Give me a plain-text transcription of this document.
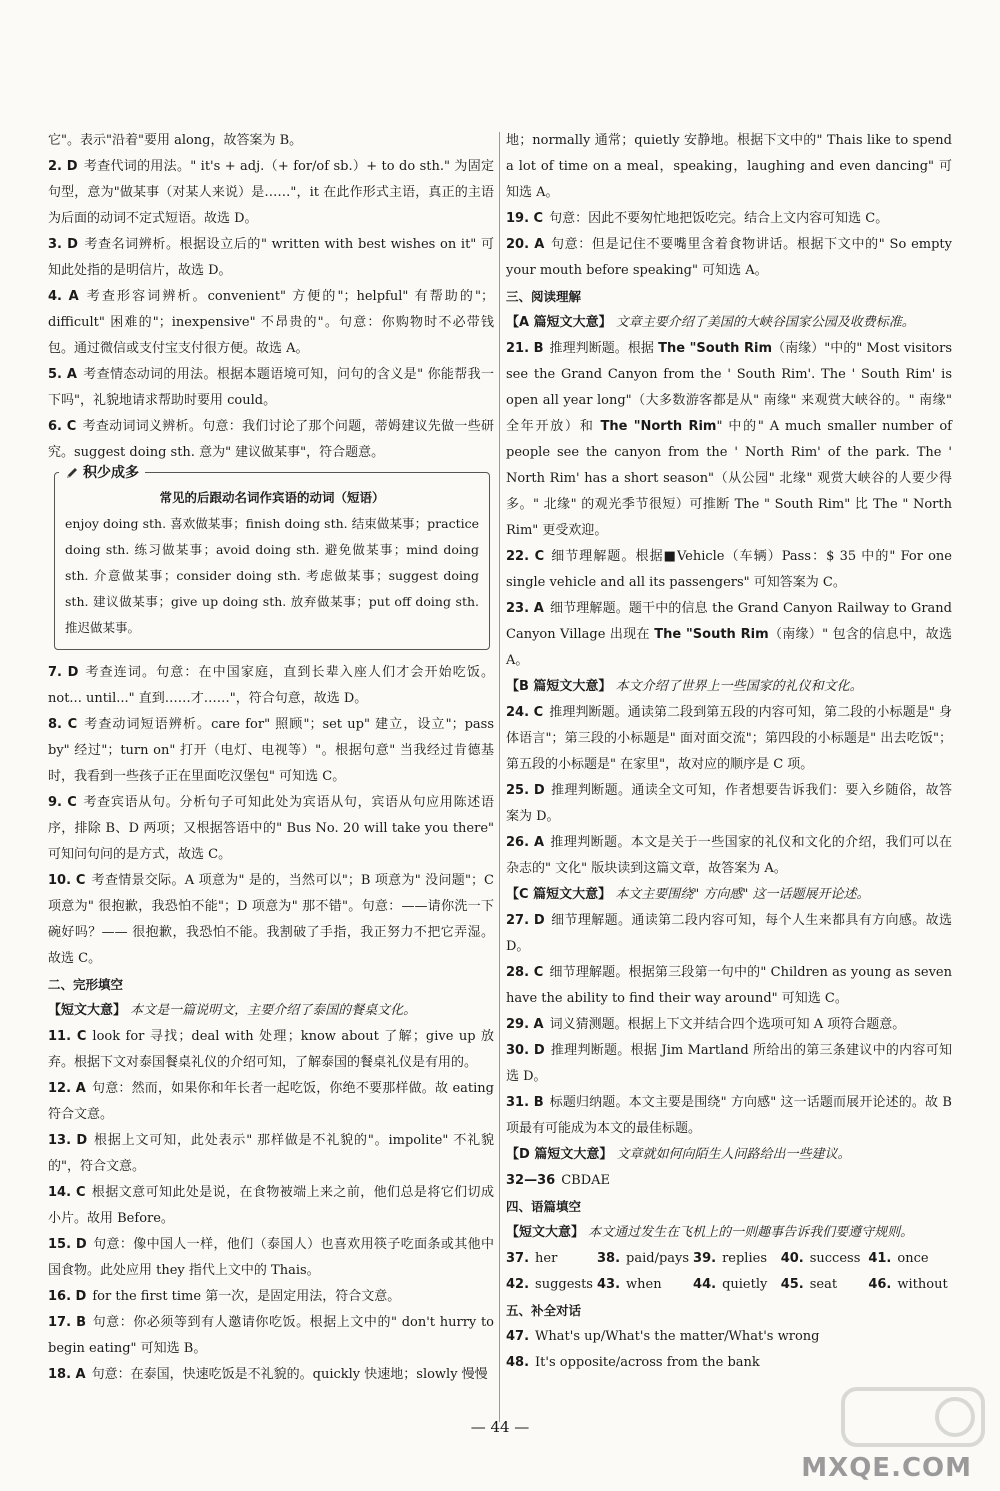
它"。表示"沿着"要用 along，故答案为 B。

2. D 考查代词的用法。" it's + adj.（+ for/of sb.）+ to do sth." 为固定句型，意为"做某事（对某人来说）是……"，it 在此作形式主语，真正的主语为后面的动词不定式短语。故选 D。

3. D 考查名词辨析。根据设立后的" written with best wishes on it" 可知此处指的是明信片，故选 D。

4. A 考查形容词辨析。convenient" 方便的"；helpful" 有帮助的"；difficult" 困难的"；inexpensive" 不昂贵的"。句意：你购物时不必带钱包。通过微信或支付宝支付很方便。故选 A。

5. A 考查情态动词的用法。根据本题语境可知，问句的含义是" 你能帮我一下吗"，礼貌地请求帮助时要用 could。

6. C 考查动词词义辨析。句意：我们讨论了那个问题，蒂姆建议先做一些研究。suggest doing sth. 意为" 建议做某事"，符合题意。

积少成多
常见的后跟动名词作宾语的动词（短语）
enjoy doing sth. 喜欢做某事；finish doing sth. 结束做某事；practice doing sth. 练习做某事；avoid doing sth. 避免做某事；mind doing sth. 介意做某事；consider doing sth. 考虑做某事；suggest doing sth. 建议做某事；give up doing sth. 放弃做某事；put off doing sth. 推迟做某事。

7. D 考查连词。句意：在中国家庭，直到长辈入座人们才会开始吃饭。not... until..." 直到……才……"，符合句意，故选 D。

8. C 考查动词短语辨析。care for" 照顾"；set up" 建立，设立"；pass by" 经过"；turn on" 打开（电灯、电视等）"。根据句意" 当我经过肯德基时，我看到一些孩子正在里面吃汉堡包" 可知选 C。

9. C 考查宾语从句。分析句子可知此处为宾语从句，宾语从句应用陈述语序，排除 B、D 两项；又根据答语中的" Bus No. 20 will take you there" 可知问句问的是方式，故选 C。

10. C 考查情景交际。A 项意为" 是的，当然可以"；B 项意为" 没问题"；C 项意为" 很抱歉，我恐怕不能"；D 项意为" 那不错"。句意：——请你洗一下碗好吗？—— 很抱歉，我恐怕不能。我割破了手指，我正努力不把它弄湿。故选 C。

二、完形填空

【短文大意】 本文是一篇说明文，主要介绍了泰国的餐桌文化。

11. C look for 寻找；deal with 处理；know about 了解；give up 放弃。根据下文对泰国餐桌礼仪的介绍可知，了解泰国的餐桌礼仪是有用的。

12. A 句意：然而，如果你和年长者一起吃饭，你绝不要那样做。故 eating 符合文意。

13. D 根据上文可知，此处表示" 那样做是不礼貌的"。impolite" 不礼貌的"，符合文意。

14. C 根据文意可知此处是说，在食物被端上来之前，他们总是将它们切成小片。故用 Before。

15. D 句意：像中国人一样，他们（泰国人）也喜欢用筷子吃面条或其他中国食物。此处应用 they 指代上文中的 Thais。

16. D for the first time 第一次，是固定用法，符合文意。

17. B 句意：你必须等到有人邀请你吃饭。根据上文中的" don't hurry to begin eating" 可知选 B。

18. A 句意：在泰国，快速吃饭是不礼貌的。quickly 快速地；slowly 慢慢

地；normally 通常；quietly 安静地。根据下文中的" Thais like to spend a lot of time on a meal，speaking，laughing and even dancing" 可知选 A。

19. C 句意：因此不要匆忙地把饭吃完。结合上文内容可知选 C。

20. A 句意：但是记住不要嘴里含着食物讲话。根据下文中的" So empty your mouth before speaking" 可知选 A。

三、阅读理解

【A 篇短文大意】 文章主要介绍了美国的大峡谷国家公园及收费标准。

21. B 推理判断题。根据 The "South Rim（南缘）"中的" Most visitors see the Grand Canyon from the ' South Rim'. The ' South Rim' is open all year long"（大多数游客都是从" 南缘" 来观赏大峡谷的。" 南缘" 全年开放）和 The "North Rim" 中的" A much smaller number of people see the canyon from the ' North Rim' of the park. The ' North Rim' has a short season"（从公园" 北缘" 观赏大峡谷的人要少得多。" 北缘" 的观光季节很短）可推断 The " South Rim" 比 The " North Rim" 更受欢迎。

22. C 细节理解题。根据■Vehicle（车辆）Pass：$ 35 中的" For one single vehicle and all its passengers" 可知答案为 C。

23. A 细节理解题。题干中的信息 the Grand Canyon Railway to Grand Canyon Village 出现在 The "South Rim（南缘）" 包含的信息中，故选 A。

【B 篇短文大意】 本文介绍了世界上一些国家的礼仪和文化。

24. C 推理判断题。通读第二段到第五段的内容可知，第二段的小标题是" 身体语言"；第三段的小标题是" 面对面交流"；第四段的小标题是" 出去吃饭"；第五段的小标题是" 在家里"，故对应的顺序是 C 项。

25. D 推理判断题。通读全文可知，作者想要告诉我们：要入乡随俗，故答案为 D。

26. A 推理判断题。本文是关于一些国家的礼仪和文化的介绍，我们可以在杂志的" 文化" 版块读到这篇文章，故答案为 A。

【C 篇短文大意】 本文主要围绕" 方向感" 这一话题展开论述。

27. D 细节理解题。通读第二段内容可知，每个人生来都具有方向感。故选 D。

28. C 细节理解题。根据第三段第一句中的" Children as young as seven have the ability to find their way around" 可知选 C。

29. A 词义猜测题。根据上下文并结合四个选项可知 A 项符合题意。

30. D 推理判断题。根据 Jim Martland 所给出的第三条建议中的内容可知选 D。

31. B 标题归纳题。本文主要是围绕" 方向感" 这一话题而展开论述的。故 B 项最有可能成为本文的最佳标题。

【D 篇短文大意】 文章就如何向陌生人问路给出一些建议。

32—36 CBDAE

四、语篇填空

【短文大意】 本文通过发生在飞机上的一则趣事告诉我们要遵守规则。

37. her	38. paid/pays 39. replies	40. success 41. once
42. suggests 43. when	44. quietly	45. seat	46. without

五、补全对话

47. What's up/What's the matter/What's wrong

48. It's opposite/across from the bank

— 44 —
MXQE.COM
